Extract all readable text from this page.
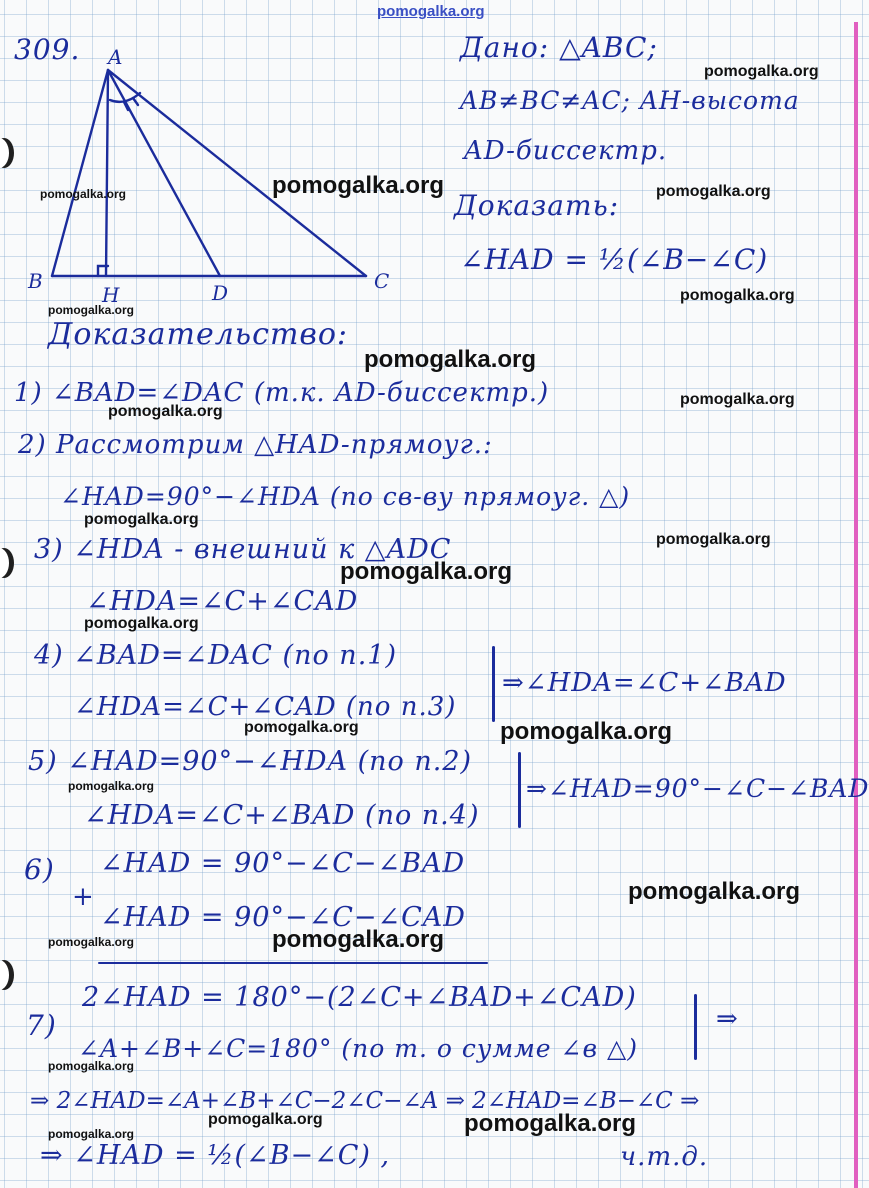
pomogalka.org

309. A
B	C
H	D

Дано: △ABC;

AB≠BC≠AC; AH-высота

AD-биссектр.

Доказать:

∠HAD = ½(∠B−∠C)

Доказательство:

1) ∠BAD=∠DAC (т.к. AD-биссектр.)

2) Рассмотрим △HAD-прямоуг.:

∠HAD=90°−∠HDA (по св-ву прямоуг. △)

3) ∠HDA - внешний к △ADC

∠HDA=∠C+∠CAD

4) ∠BAD=∠DAC (по п.1)

∠HDA=∠C+∠CAD (по п.3)

⇒∠HDA=∠C+∠BAD

5) ∠HAD=90°−∠HDA (по п.2)

∠HDA=∠C+∠BAD (по п.4)

⇒∠HAD=90°−∠C−∠BAD

6) ∠HAD = 90°−∠C−∠BAD

+

∠HAD = 90°−∠C−∠CAD

2∠HAD = 180°−(2∠C+∠BAD+∠CAD)

7)

∠A+∠B+∠C=180° (по т. о сумме ∠в △)

⇒

⇒ 2∠HAD=∠A+∠B+∠C−2∠C−∠A ⇒ 2∠HAD=∠B−∠C ⇒

⇒ ∠HAD = ½(∠B−∠C) ,	ч.т.д.

pomogalka.org
pomogalka.org
pomogalka.org	pomogalka.org
pomogalka.org
pomogalka.org
pomogalka.org
pomogalka.org
pomogalka.org
pomogalka.org
pomogalka.org
pomogalka.org
pomogalka.org
pomogalka.org	pomogalka.org
pomogalka.org
pomogalka.org
pomogalka.org	pomogalka.org
pomogalka.org
pomogalka.org
pomogalka.org	pomogalka.org
